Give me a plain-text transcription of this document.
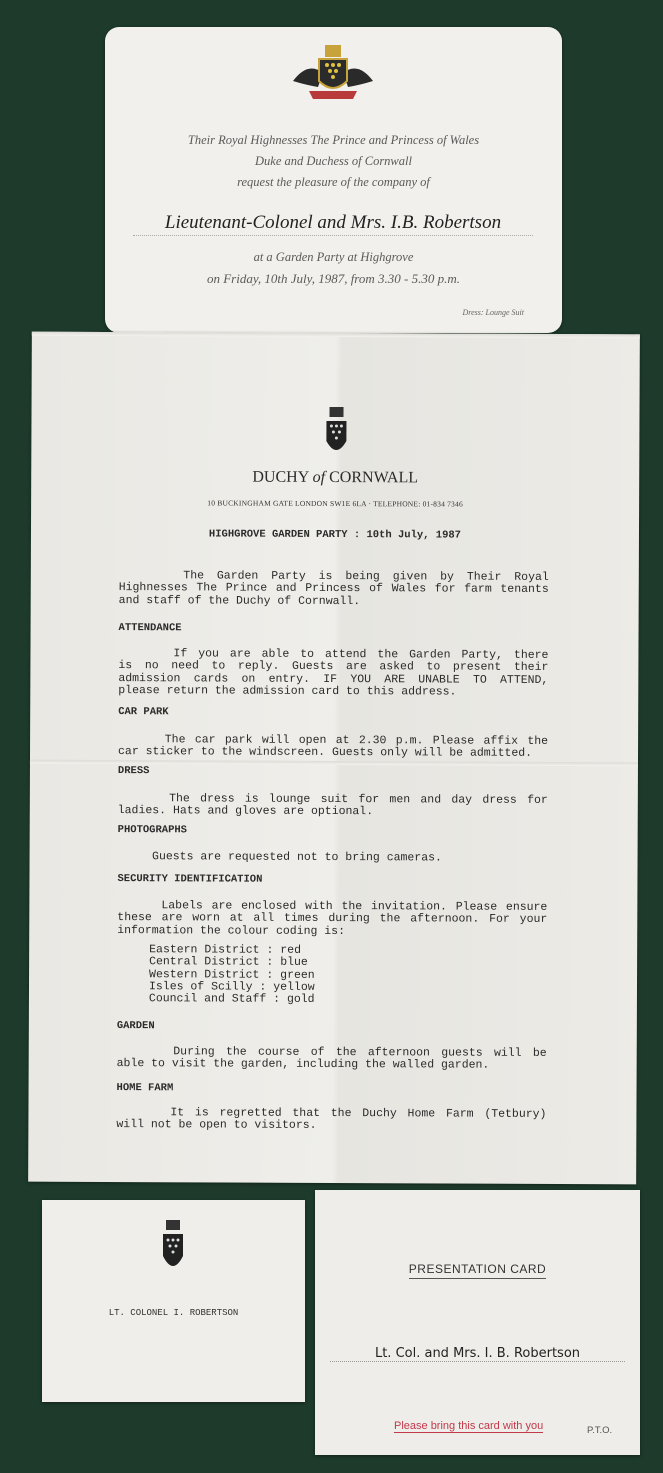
Their Royal Highnesses The Prince and Princess of Wales
Duke and Duchess of Cornwall
request the pleasure of the company of
Lieutenant-Colonel and Mrs. I.B. Robertson
at a Garden Party at Highgrove
on Friday, 10th July, 1987, from 3.30 - 5.30 p.m.
Dress: Lounge Suit
DUCHY of CORNWALL
10 BUCKINGHAM GATE LONDON SW1E 6LA · TELEPHONE: 01-834 7346
HIGHGROVE GARDEN PARTY : 10th July, 1987
The Garden Party is being given by Their Royal
Highnesses The Prince and Princess of Wales for farm tenants
and staff of the Duchy of Cornwall.
ATTENDANCE
If you are able to attend the Garden Party, there
is no need to reply. Guests are asked to present their
admission cards on entry. IF YOU ARE UNABLE TO ATTEND,
please return the admission card to this address.
CAR PARK
The car park will open at 2.30 p.m. Please affix the
car sticker to the windscreen. Guests only will be admitted.
DRESS
The dress is lounge suit for men and day dress for
ladies. Hats and gloves are optional.
PHOTOGRAPHS
Guests are requested not to bring cameras.
SECURITY IDENTIFICATION
Labels are enclosed with the invitation. Please ensure
these are worn at all times during the afternoon. For your
information the colour coding is:
GARDEN
During the course of the afternoon guests will be
able to visit the garden, including the walled garden.
HOME FARM
It is regretted that the Duchy Home Farm (Tetbury)
will not be open to visitors.
Eastern District : red
Central District : blue
Western District : green
Isles of Scilly : yellow
Council and Staff : gold
LT. COLONEL I. ROBERTSON
PRESENTATION CARD
Lt. Col. and Mrs. I. B. Robertson
Please bring this card with you	P.T.O.
